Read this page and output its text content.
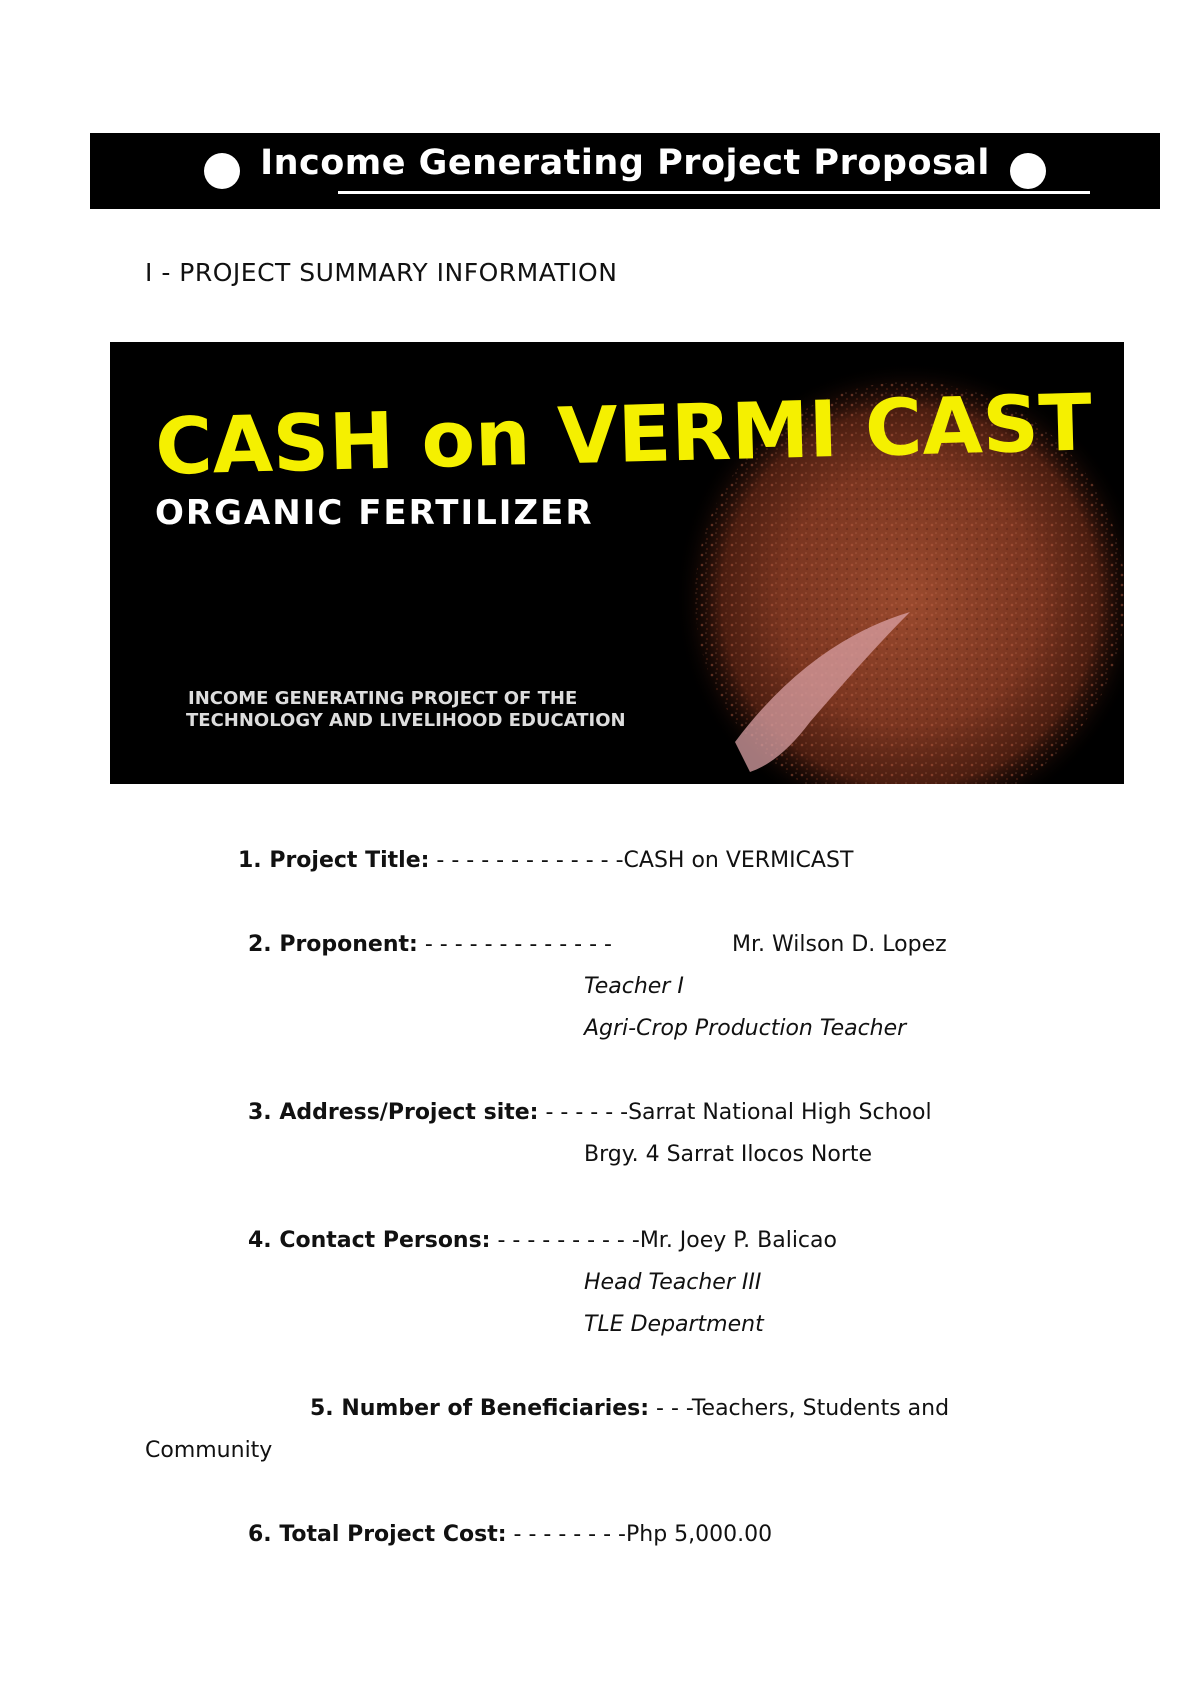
Income Generating Project Proposal
I - PROJECT SUMMARY INFORMATION
CASH on VERMI CAST
ORGANIC FERTILIZER
INCOME GENERATING PROJECT OF THE
TECHNOLOGY AND LIVELIHOOD EDUCATION
1. Project Title: - - - - - - - - - - - - -CASH on VERMICAST
2. Proponent: - - - - - - - - - - - - -	Mr. Wilson D. Lopez
Teacher I
Agri-Crop Production Teacher
3. Address/Project site: - - - - - -Sarrat National High School
Brgy. 4 Sarrat Ilocos Norte
4. Contact Persons: - - - - - - - - - -Mr. Joey P. Balicao
Head Teacher III
TLE Department
5. Number of Beneficiaries: - - -Teachers, Students and
Community
6. Total Project Cost: - - - - - - - -Php 5,000.00
